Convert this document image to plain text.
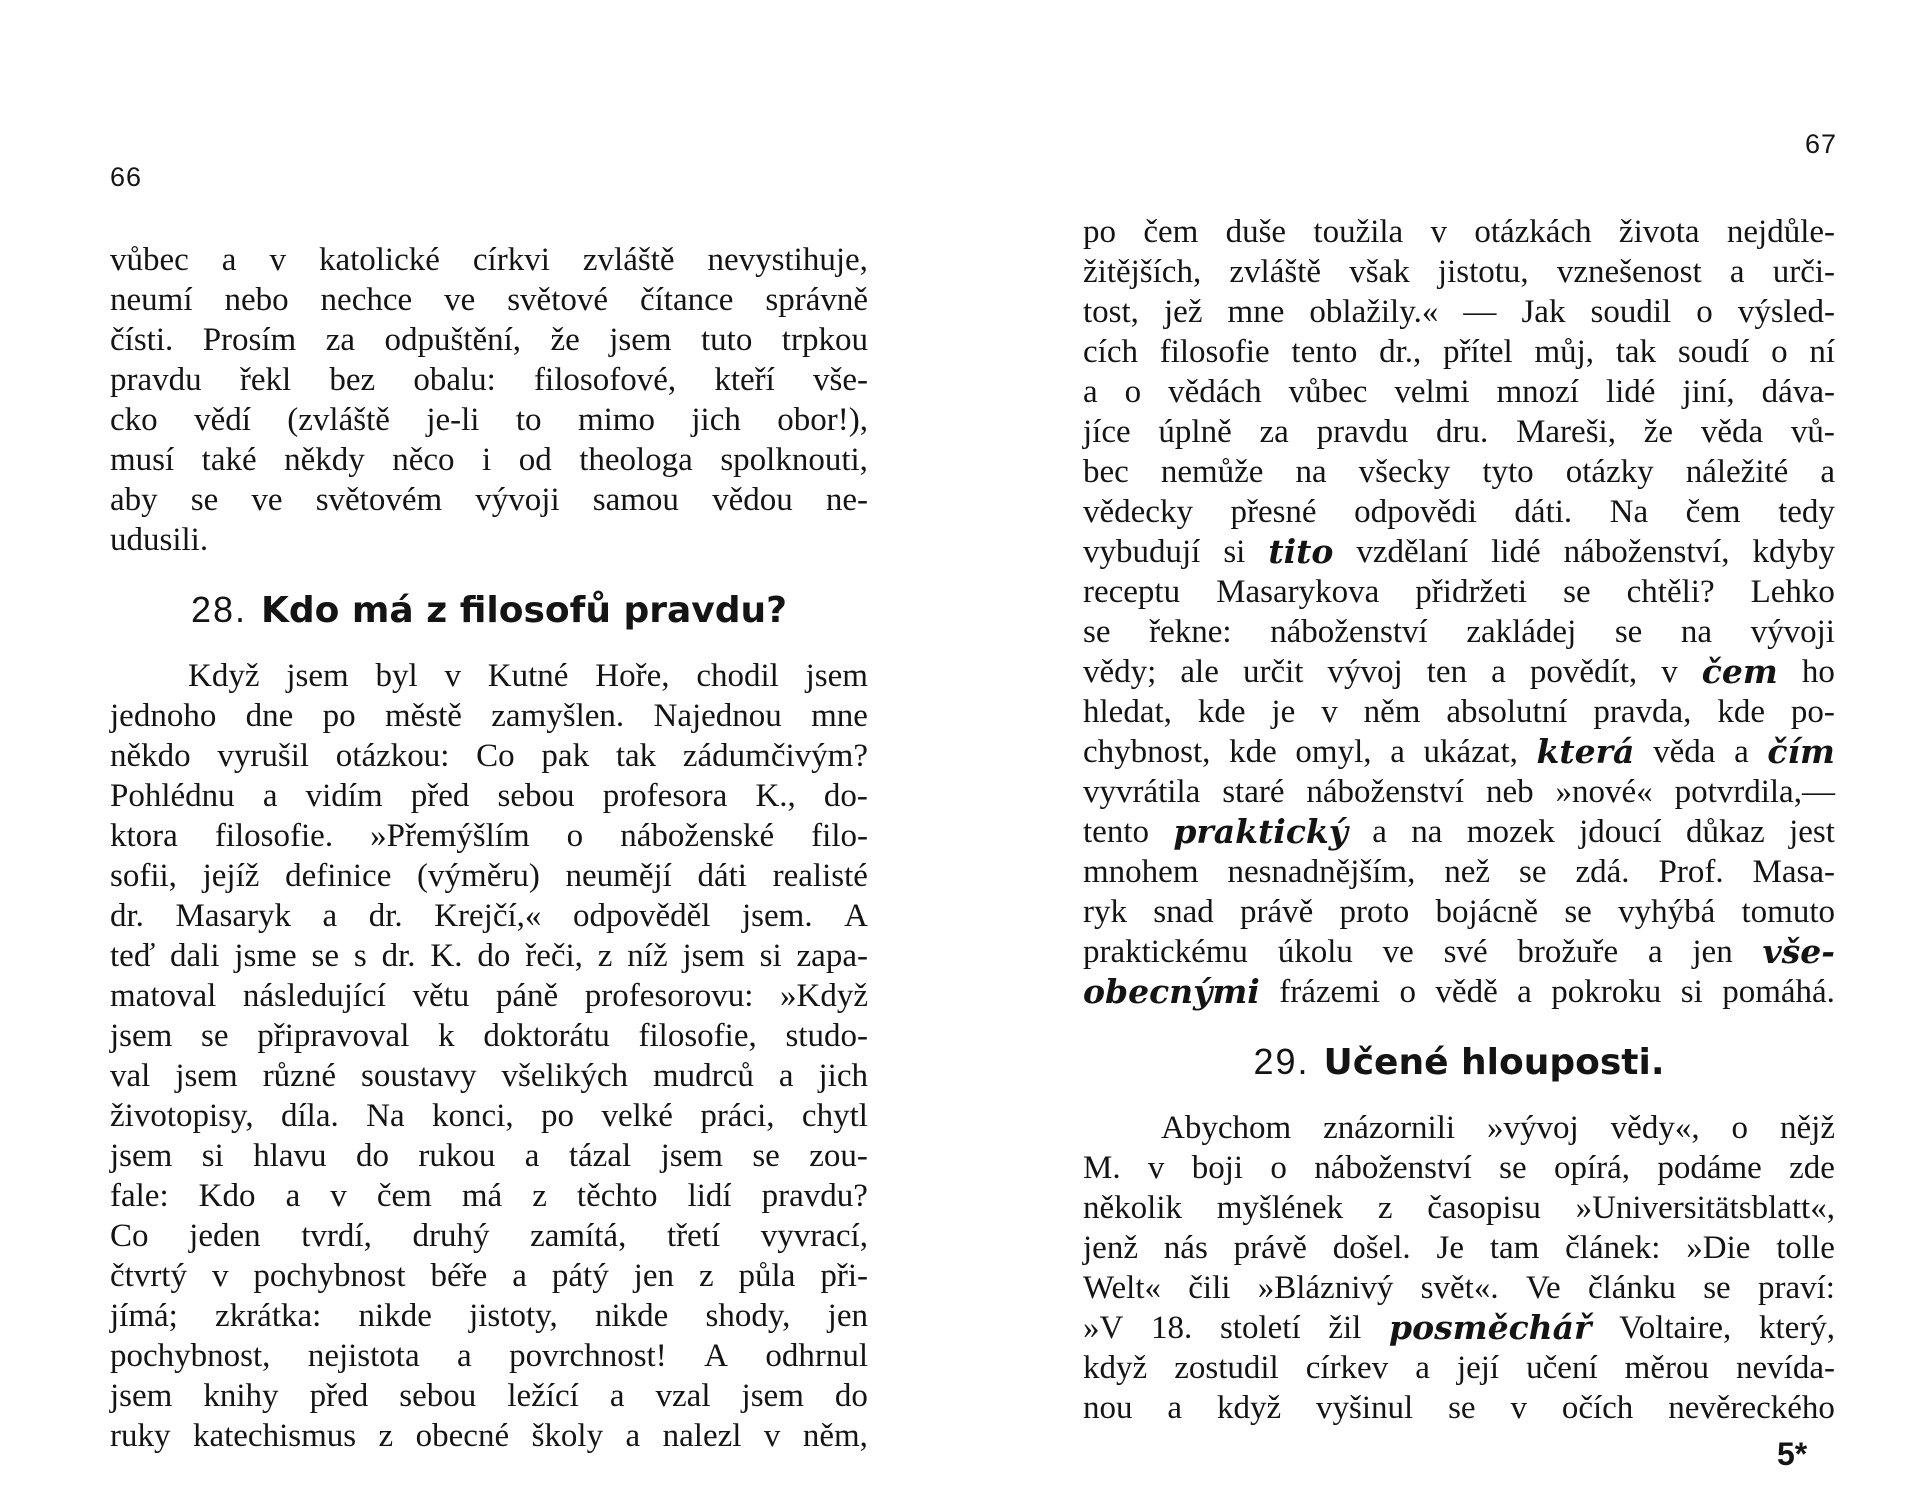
66
vůbec a v katolické církvi zvláště nevystihuje,
neumí nebo nechce ve světové čítance správně
čísti. Prosím za odpuštění, že jsem tuto trpkou
pravdu řekl bez obalu: filosofové, kteří vše-
cko vědí (zvláště je-li to mimo jich obor!),
musí také někdy něco i od theologa spolknouti,
aby se ve světovém vývoji samou vědou ne-
udusili.
28. Kdo má z filosofů pravdu?
Když jsem byl v Kutné Hoře, chodil jsem
jednoho dne po městě zamyšlen. Najednou mne
někdo vyrušil otázkou: Co pak tak zádumčivým?
Pohlédnu a vidím před sebou profesora K., do-
ktora filosofie. »Přemýšlím o náboženské filo-
sofii, jejíž definice (výměru) neumějí dáti realisté
dr. Masaryk a dr. Krejčí,« odpověděl jsem. A
teď dali jsme se s dr. K. do řeči, z níž jsem si zapa-
matoval následující větu páně profesorovu: »Když
jsem se připravoval k doktorátu filosofie, studo-
val jsem různé soustavy všelikých mudrců a jich
životopisy, díla. Na konci, po velké práci, chytl
jsem si hlavu do rukou a tázal jsem se zou-
fale: Kdo a v čem má z těchto lidí pravdu?
Co jeden tvrdí, druhý zamítá, třetí vyvrací,
čtvrtý v pochybnost béře a pátý jen z půla při-
jímá; zkrátka: nikde jistoty, nikde shody, jen
pochybnost, nejistota a povrchnost! A odhrnul
jsem knihy před sebou ležící a vzal jsem do
ruky katechismus z obecné školy a nalezl v něm,
67
po čem duše toužila v otázkách života nejdůle-
žitějších, zvláště však jistotu, vznešenost a urči-
tost, jež mne oblažily.« — Jak soudil o výsled-
cích filosofie tento dr., přítel můj, tak soudí o ní
a o vědách vůbec velmi mnozí lidé jiní, dáva-
jíce úplně za pravdu dru. Mareši, že věda vů-
bec nemůže na všecky tyto otázky náležité a
vědecky přesné odpovědi dáti. Na čem tedy
vybudují si tito vzdělaní lidé náboženství, kdyby
receptu Masarykova přidržeti se chtěli? Lehko
se řekne: náboženství zakládej se na vývoji
vědy; ale určit vývoj ten a povědít, v čem ho
hledat, kde je v něm absolutní pravda, kde po-
chybnost, kde omyl, a ukázat, která věda a čím
vyvrátila staré náboženství neb »nové« potvrdila,—
tento praktický a na mozek jdoucí důkaz jest
mnohem nesnadnějším, než se zdá. Prof. Masa-
ryk snad právě proto bojácně se vyhýbá tomuto
praktickému úkolu ve své brožuře a jen vše-
obecnými frázemi o vědě a pokroku si pomáhá.
29. Učené hlouposti.
Abychom znázornili »vývoj vědy«, o nějž
M. v boji o náboženství se opírá, podáme zde
několik myšlének z časopisu »Universitätsblatt«,
jenž nás právě došel. Je tam článek: »Die tolle
Welt« čili »Bláznivý svět«. Ve článku se praví:
»V 18. století žil posměchář Voltaire, který,
když zostudil církev a její učení měrou nevída-
nou a když vyšinul se v očích nevěreckého
5*
